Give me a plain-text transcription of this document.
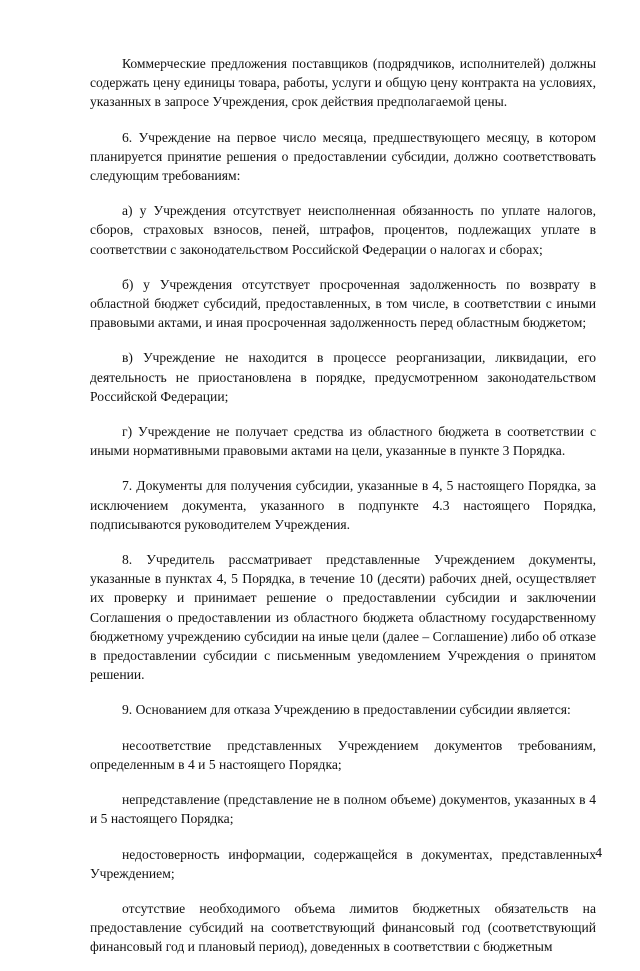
Коммерческие предложения поставщиков (подрядчиков, исполнителей) должны содержать цену единицы товара, работы, услуги и общую цену контракта на условиях, указанных в запросе Учреждения, срок действия предполагаемой цены.

6. Учреждение на первое число месяца, предшествующего месяцу, в котором планируется принятие решения о предоставлении субсидии, должно соответствовать следующим требованиям:

а) у Учреждения отсутствует неисполненная обязанность по уплате налогов, сборов, страховых взносов, пеней, штрафов, процентов, подлежащих уплате в соответствии с законодательством Российской Федерации о налогах и сборах;

б) у Учреждения отсутствует просроченная задолженность по возврату в областной бюджет субсидий, предоставленных, в том числе, в соответствии с иными правовыми актами, и иная просроченная задолженность перед областным бюджетом;

в) Учреждение не находится в процессе реорганизации, ликвидации, его деятельность не приостановлена в порядке, предусмотренном законодательством Российской Федерации;

г) Учреждение не получает средства из областного бюджета в соответствии с иными нормативными правовыми актами на цели, указанные в пункте 3 Порядка.

7. Документы для получения субсидии, указанные в 4, 5 настоящего Порядка, за исключением документа, указанного в подпункте 4.3 настоящего Порядка, подписываются руководителем Учреждения.

8. Учредитель рассматривает представленные Учреждением документы, указанные в пунктах 4, 5 Порядка, в течение 10 (десяти) рабочих дней, осуществляет их проверку и принимает решение о предоставлении субсидии и заключении Соглашения о предоставлении из областного бюджета областному государственному бюджетному учреждению субсидии на иные цели (далее – Соглашение) либо об отказе в предоставлении субсидии с письменным уведомлением Учреждения о принятом решении.

9. Основанием для отказа Учреждению в предоставлении субсидии является:

несоответствие представленных Учреждением документов требованиям, определенным в 4 и 5 настоящего Порядка;

непредставление (представление не в полном объеме) документов, указанных в 4 и 5 настоящего Порядка;

недостоверность информации, содержащейся в документах, представленных Учреждением;

отсутствие необходимого объема лимитов бюджетных обязательств на предоставление субсидий на соответствующий финансовый год (соответствующий финансовый год и плановый период), доведенных в соответствии с бюджетным

4
